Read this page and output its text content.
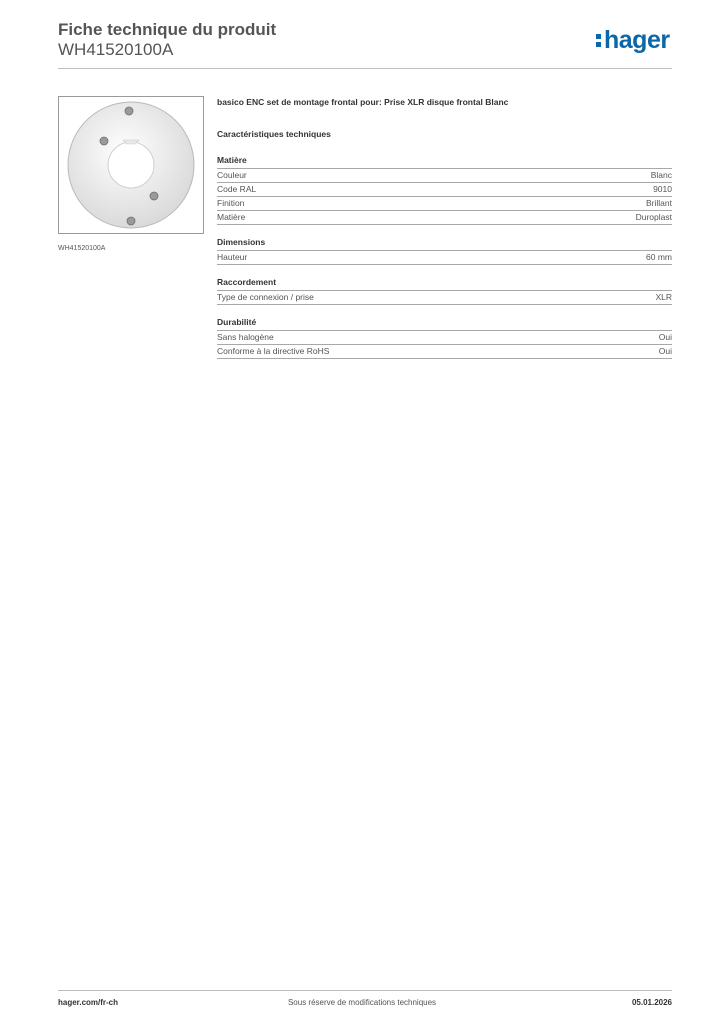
Fiche technique du produit
WH41520100A	hager
WH41520100A
basico ENC set de montage frontal pour: Prise XLR disque frontal Blanc
Caractéristiques techniques
Matière
Couleur	Blanc
Code RAL	9010
Finition	Brillant
Matière	Duroplast
Dimensions
Hauteur	60 mm
Raccordement
Type de connexion / prise	XLR
Durabilité
Sans halogène	Oui
Conforme à la directive RoHS	Oui
hager.com/fr-ch	Sous réserve de modifications techniques	05.01.2026
